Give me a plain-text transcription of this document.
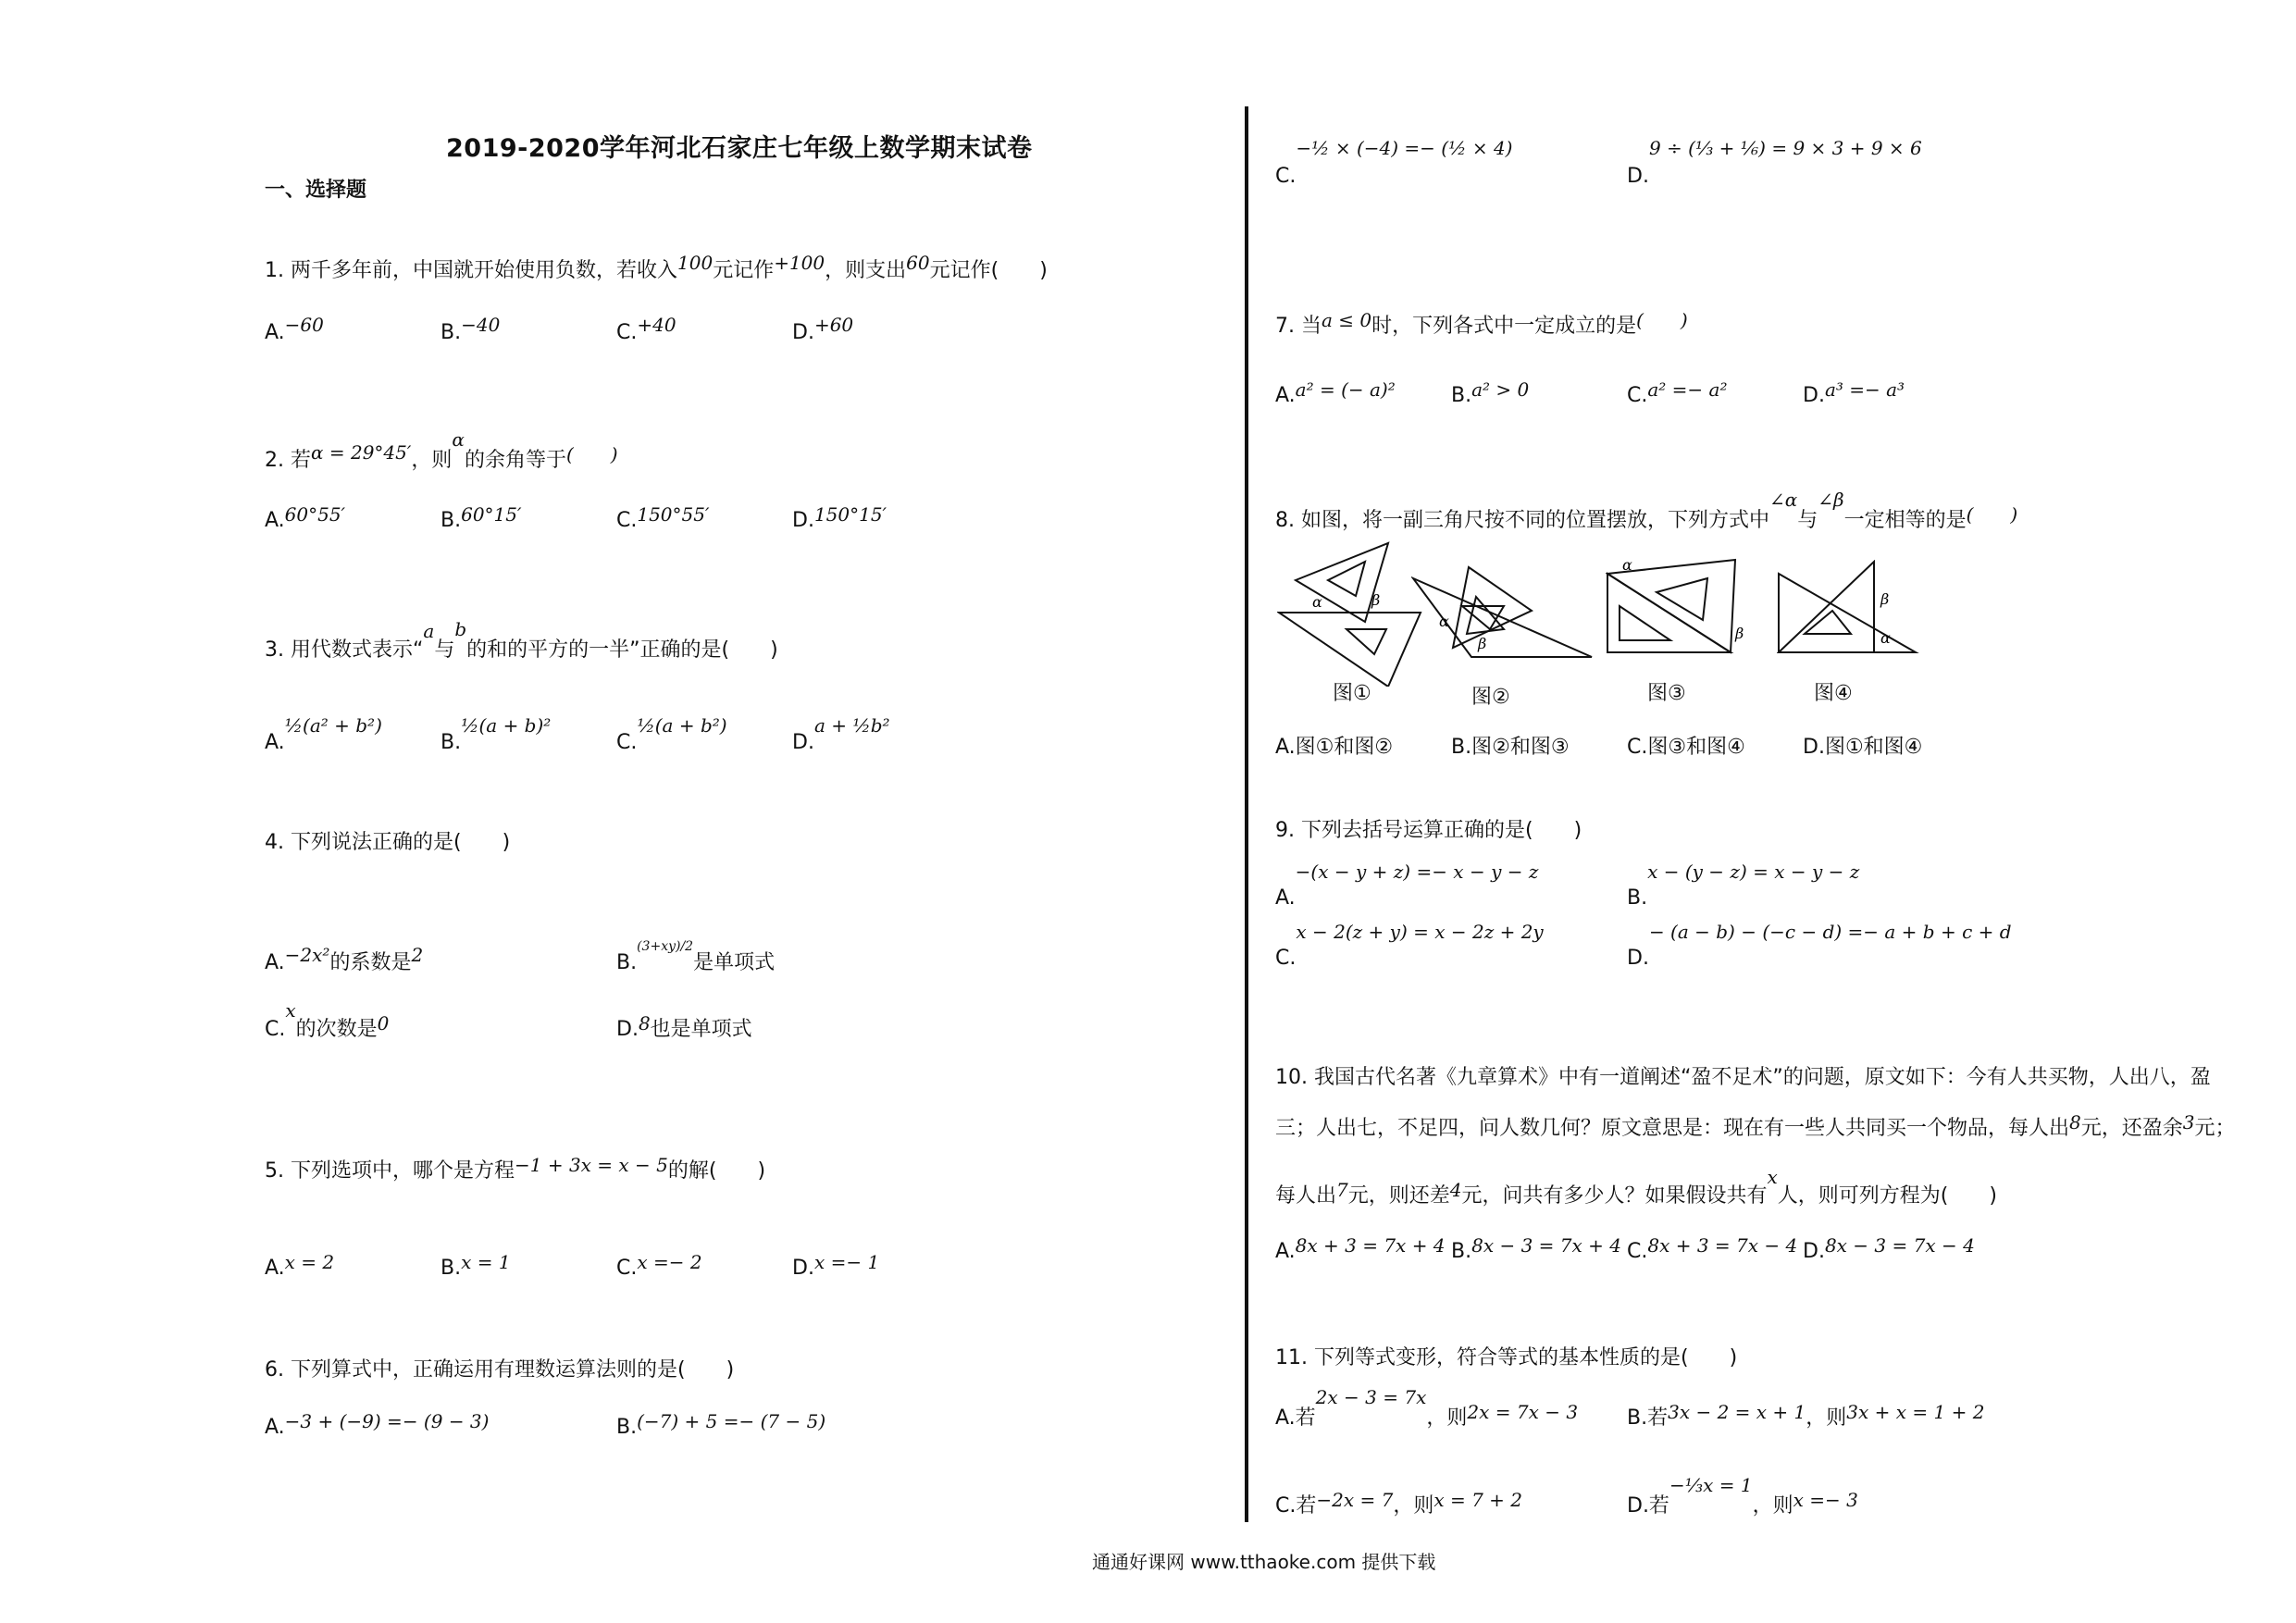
2019-2020学年河北石家庄七年级上数学期末试卷
一、选择题
1. 两千多年前，中国就开始使用负数，若收入100元记作+100，则支出60元记作(　　)
A.−60	B.−40	C.+40	D.+60
2. 若α = 29°45′，则α的余角等于(　　)
A.60°55′	B.60°15′	C.150°55′	D.150°15′
3. 用代数式表示“a与b的和的平方的一半”正确的是(　　)
A.½(a² + b²)
B.½(a + b)²
C.½(a + b²)
D.a + ½b²
4. 下列说法正确的是(　　)
A.−2x²的系数是2	B.$^{(3+xy)/2}$是单项式
C.x的次数是0	D.8也是单项式
5. 下列选项中，哪个是方程−1 + 3x = x − 5的解(　　)
A.x = 2	B.x = 1	C.x =− 2	D.x =− 1
6. 下列算式中，正确运用有理数运算法则的是(　　)
A.−3 + (−9) =− (9 − 3)	B.(−7) + 5 =− (7 − 5)
C.−½ × (−4) =− (½ × 4)
D.9 ÷ (⅓ + ⅙) = 9 × 3 + 9 × 6
7. 当a ≤ 0时，下列各式中一定成立的是(　　)
A.a² = (− a)²	B.a² > 0	C.a² =− a²	D.a³ =− a³
8. 如图，将一副三角尺按不同的位置摆放，下列方式中∠α与∠β一定相等的是(　　)
α	β
图①
α
β
图②
α
β
图③
β
α
图④
A.图①和图②	B.图②和图③	C.图③和图④	D.图①和图④
9. 下列去括号运算正确的是(　　)
A.−(x − y + z) =− x − y − z
B.x − (y − z) = x − y − z
C.x − 2(z + y) = x − 2z + 2y
D.− (a − b) − (−c − d) =− a + b + c + d
10. 我国古代名著《九章算术》中有一道阐述“盈不足术”的问题，原文如下：今有人共买物，人出八，盈
三；人出七，不足四，问人数几何？原文意思是：现在有一些人共同买一个物品，每人出8元，还盈余3元；
每人出7元，则还差4元，问共有多少人？如果假设共有x人，则可列方程为(　　)
A.8x + 3 = 7x + 4 B.8x − 3 = 7x + 4 C.8x + 3 = 7x − 4 D.8x − 3 = 7x − 4
11. 下列等式变形，符合等式的基本性质的是(　　)
A.若2x − 3 = 7x，则2x = 7x − 3 B.若3x − 2 = x + 1，则3x + x = 1 + 2
C.若−2x = 7，则x = 7 + 2	D.若−⅓x = 1，则x =− 3
通通好课网 www.tthaoke.com 提供下载
